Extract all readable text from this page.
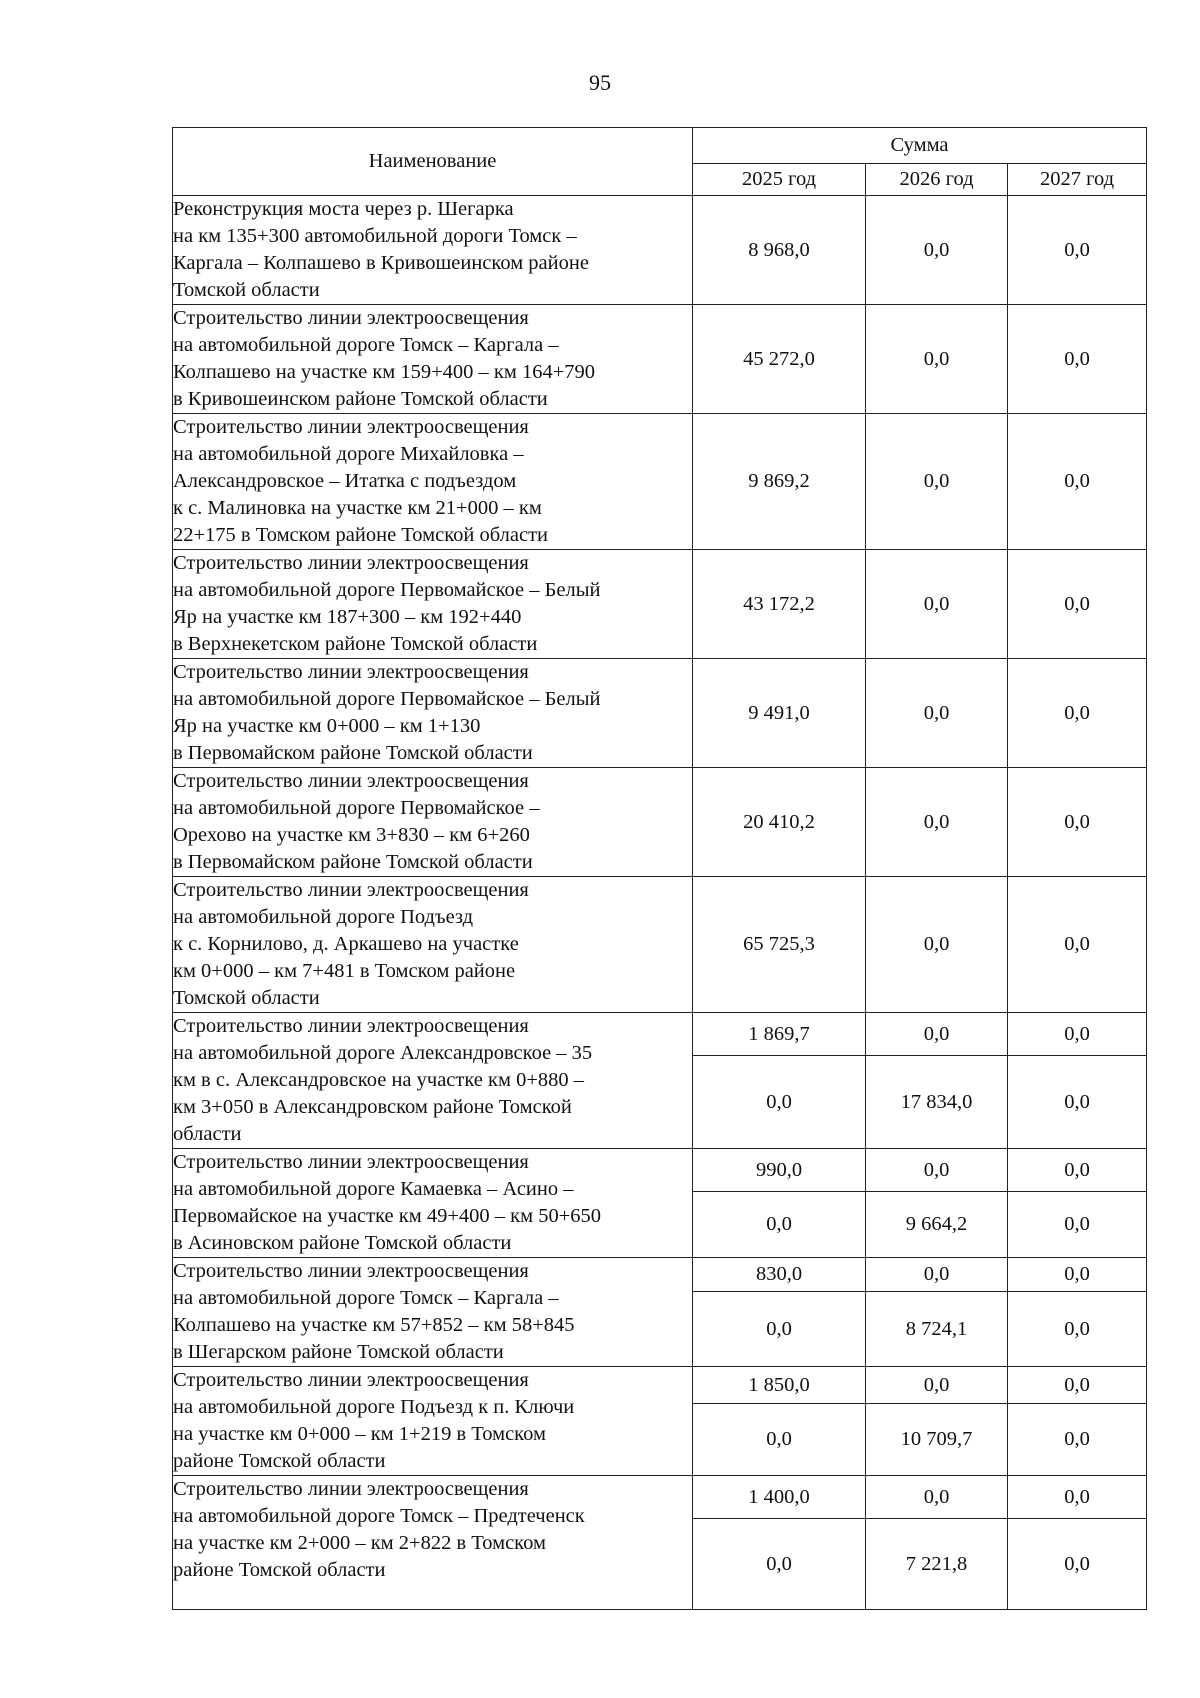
95
Наименование	Сумма		
	2025 год	2026 год	2027 год

Реконструкция моста через р. Шегарка
на км 135+300 автомобильной дороги Томск –
Каргала – Колпашево в Кривошеинском районе
Томской области	8 968,0	0,0	0,0

Строительство линии электроосвещения
на автомобильной дороге Томск – Каргала –
Колпашево на участке км 159+400 – км 164+790
в Кривошеинском районе Томской области	45 272,0	0,0	0,0

Строительство линии электроосвещения
на автомобильной дороге Михайловка –
Александровское – Итатка с подъездом
к с. Малиновка на участке км 21+000 – км
22+175 в Томском районе Томской области	9 869,2	0,0	0,0

Строительство линии электроосвещения
на автомобильной дороге Первомайское – Белый
Яр на участке км 187+300 – км 192+440
в Верхнекетском районе Томской области	43 172,2	0,0	0,0

Строительство линии электроосвещения
на автомобильной дороге Первомайское – Белый
Яр на участке км 0+000 – км 1+130
в Первомайском районе Томской области	9 491,0	0,0	0,0

Строительство линии электроосвещения
на автомобильной дороге Первомайское –
Орехово на участке км 3+830 – км 6+260
в Первомайском районе Томской области	20 410,2	0,0	0,0

Строительство линии электроосвещения
на автомобильной дороге Подъезд
к с. Корнилово, д. Аркашево на участке
км 0+000 – км 7+481 в Томском районе
Томской области	65 725,3	0,0	0,0

Строительство линии электроосвещения
на автомобильной дороге Александровское – 35
км в с. Александровское на участке км 0+880 –
км 3+050 в Александровском районе Томской
области	1 869,7	0,0	0,0
	0,0	17 834,0	0,0

Строительство линии электроосвещения
на автомобильной дороге Камаевка – Асино –
Первомайское на участке км 49+400 – км 50+650
в Асиновском районе Томской области	990,0	0,0	0,0
	0,0	9 664,2	0,0

Строительство линии электроосвещения
на автомобильной дороге Томск – Каргала –
Колпашево на участке км 57+852 – км 58+845
в Шегарском районе Томской области	830,0	0,0	0,0
	0,0	8 724,1	0,0

Строительство линии электроосвещения
на автомобильной дороге Подъезд к п. Ключи
на участке км 0+000 – км 1+219 в Томском
районе Томской области	1 850,0	0,0	0,0
	0,0	10 709,7	0,0

Строительство линии электроосвещения
на автомобильной дороге Томск – Предтеченск
на участке км 2+000 – км 2+822 в Томском
районе Томской области	1 400,0	0,0	0,0
	0,0	7 221,8	0,0
